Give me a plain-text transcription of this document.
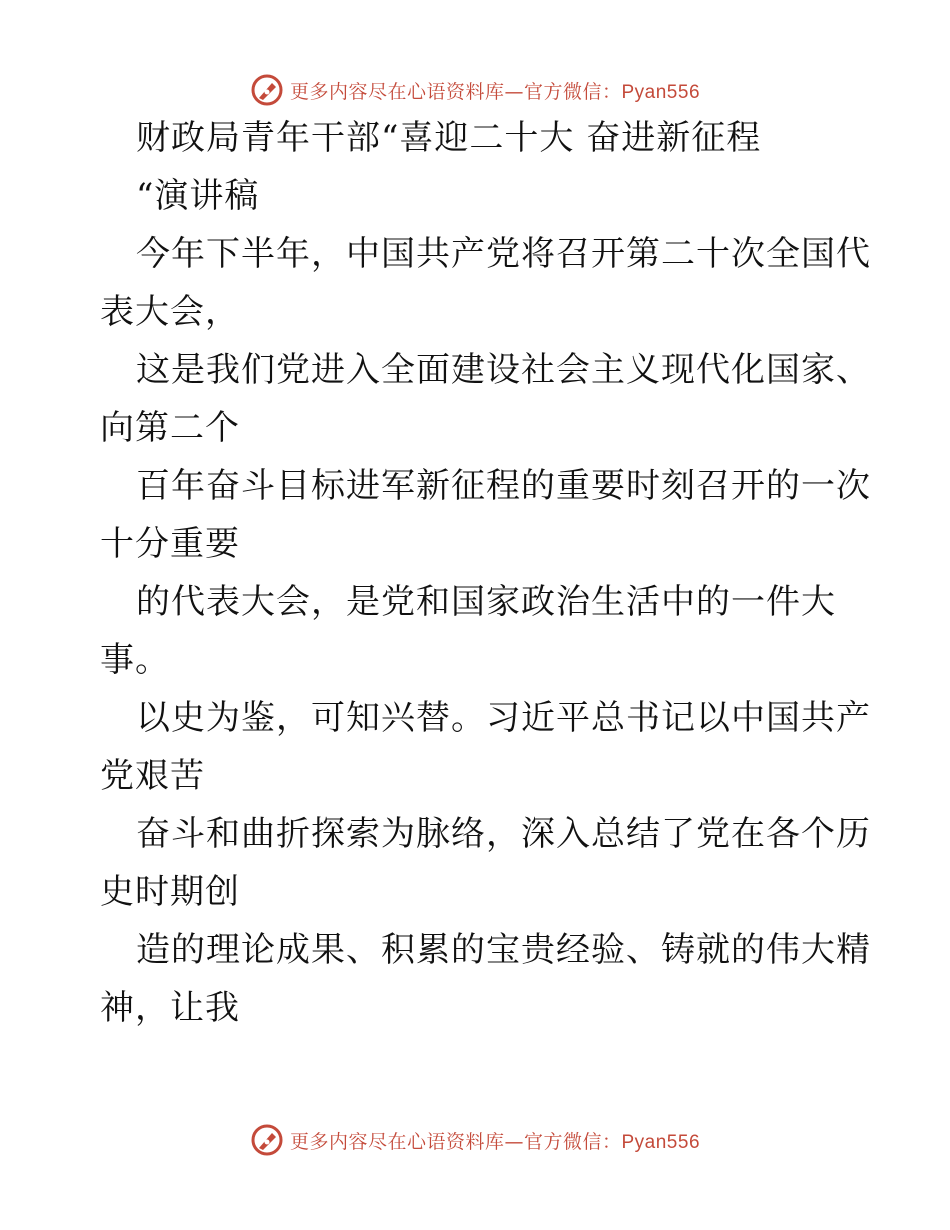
更多内容尽在心语资料库—官方微信：Pyan556
财政局青年干部“喜迎二十大 奋进新征程
“演讲稿
今年下半年，中国共产党将召开第二十次全国代
表大会，
这是我们党进入全面建设社会主义现代化国家、
向第二个
百年奋斗目标进军新征程的重要时刻召开的一次
十分重要
的代表大会，是党和国家政治生活中的一件大
事。
以史为鉴，可知兴替。习近平总书记以中国共产
党艰苦
奋斗和曲折探索为脉络，深入总结了党在各个历
史时期创
造的理论成果、积累的宝贵经验、铸就的伟大精
神，让我
更多内容尽在心语资料库—官方微信：Pyan556
